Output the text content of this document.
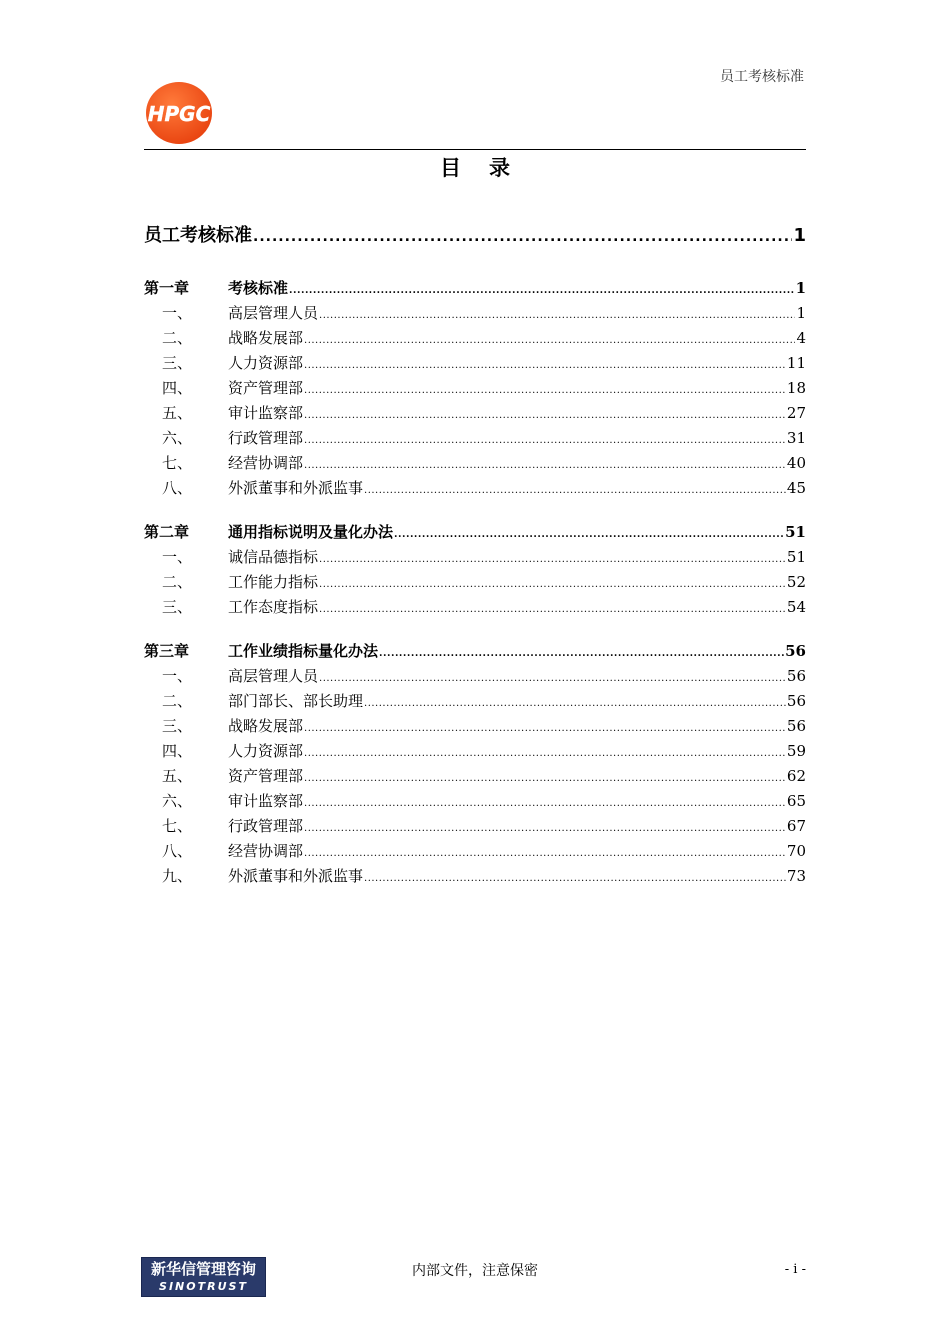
员工考核标准
HPGC
目录
员工考核标准 .....	1
第一章	考核标准 .....	1
一、	高层管理人员 .....	1
二、	战略发展部 .....	4
三、	人力资源部 .....	11
四、	资产管理部 .....	18
五、	审计监察部 .....	27
六、	行政管理部 .....	31
七、	经营协调部 .....	40
八、	外派董事和外派监事 .....	45
第二章	通用指标说明及量化办法 .....	51
一、	诚信品德指标 .....	51
二、	工作能力指标 .....	52
三、	工作态度指标 .....	54
第三章	工作业绩指标量化办法 .....	56
一、	高层管理人员 .....	56
二、	部门部长、部长助理 .....	56
三、	战略发展部 .....	56
四、	人力资源部 .....	59
五、	资产管理部 .....	62
六、	审计监察部 .....	65
七、	行政管理部 .....	67
八、	经营协调部 .....	70
九、	外派董事和外派监事 .....	73
新华信管理咨询
SINOTRUST
内部文件，注意保密	- i -
